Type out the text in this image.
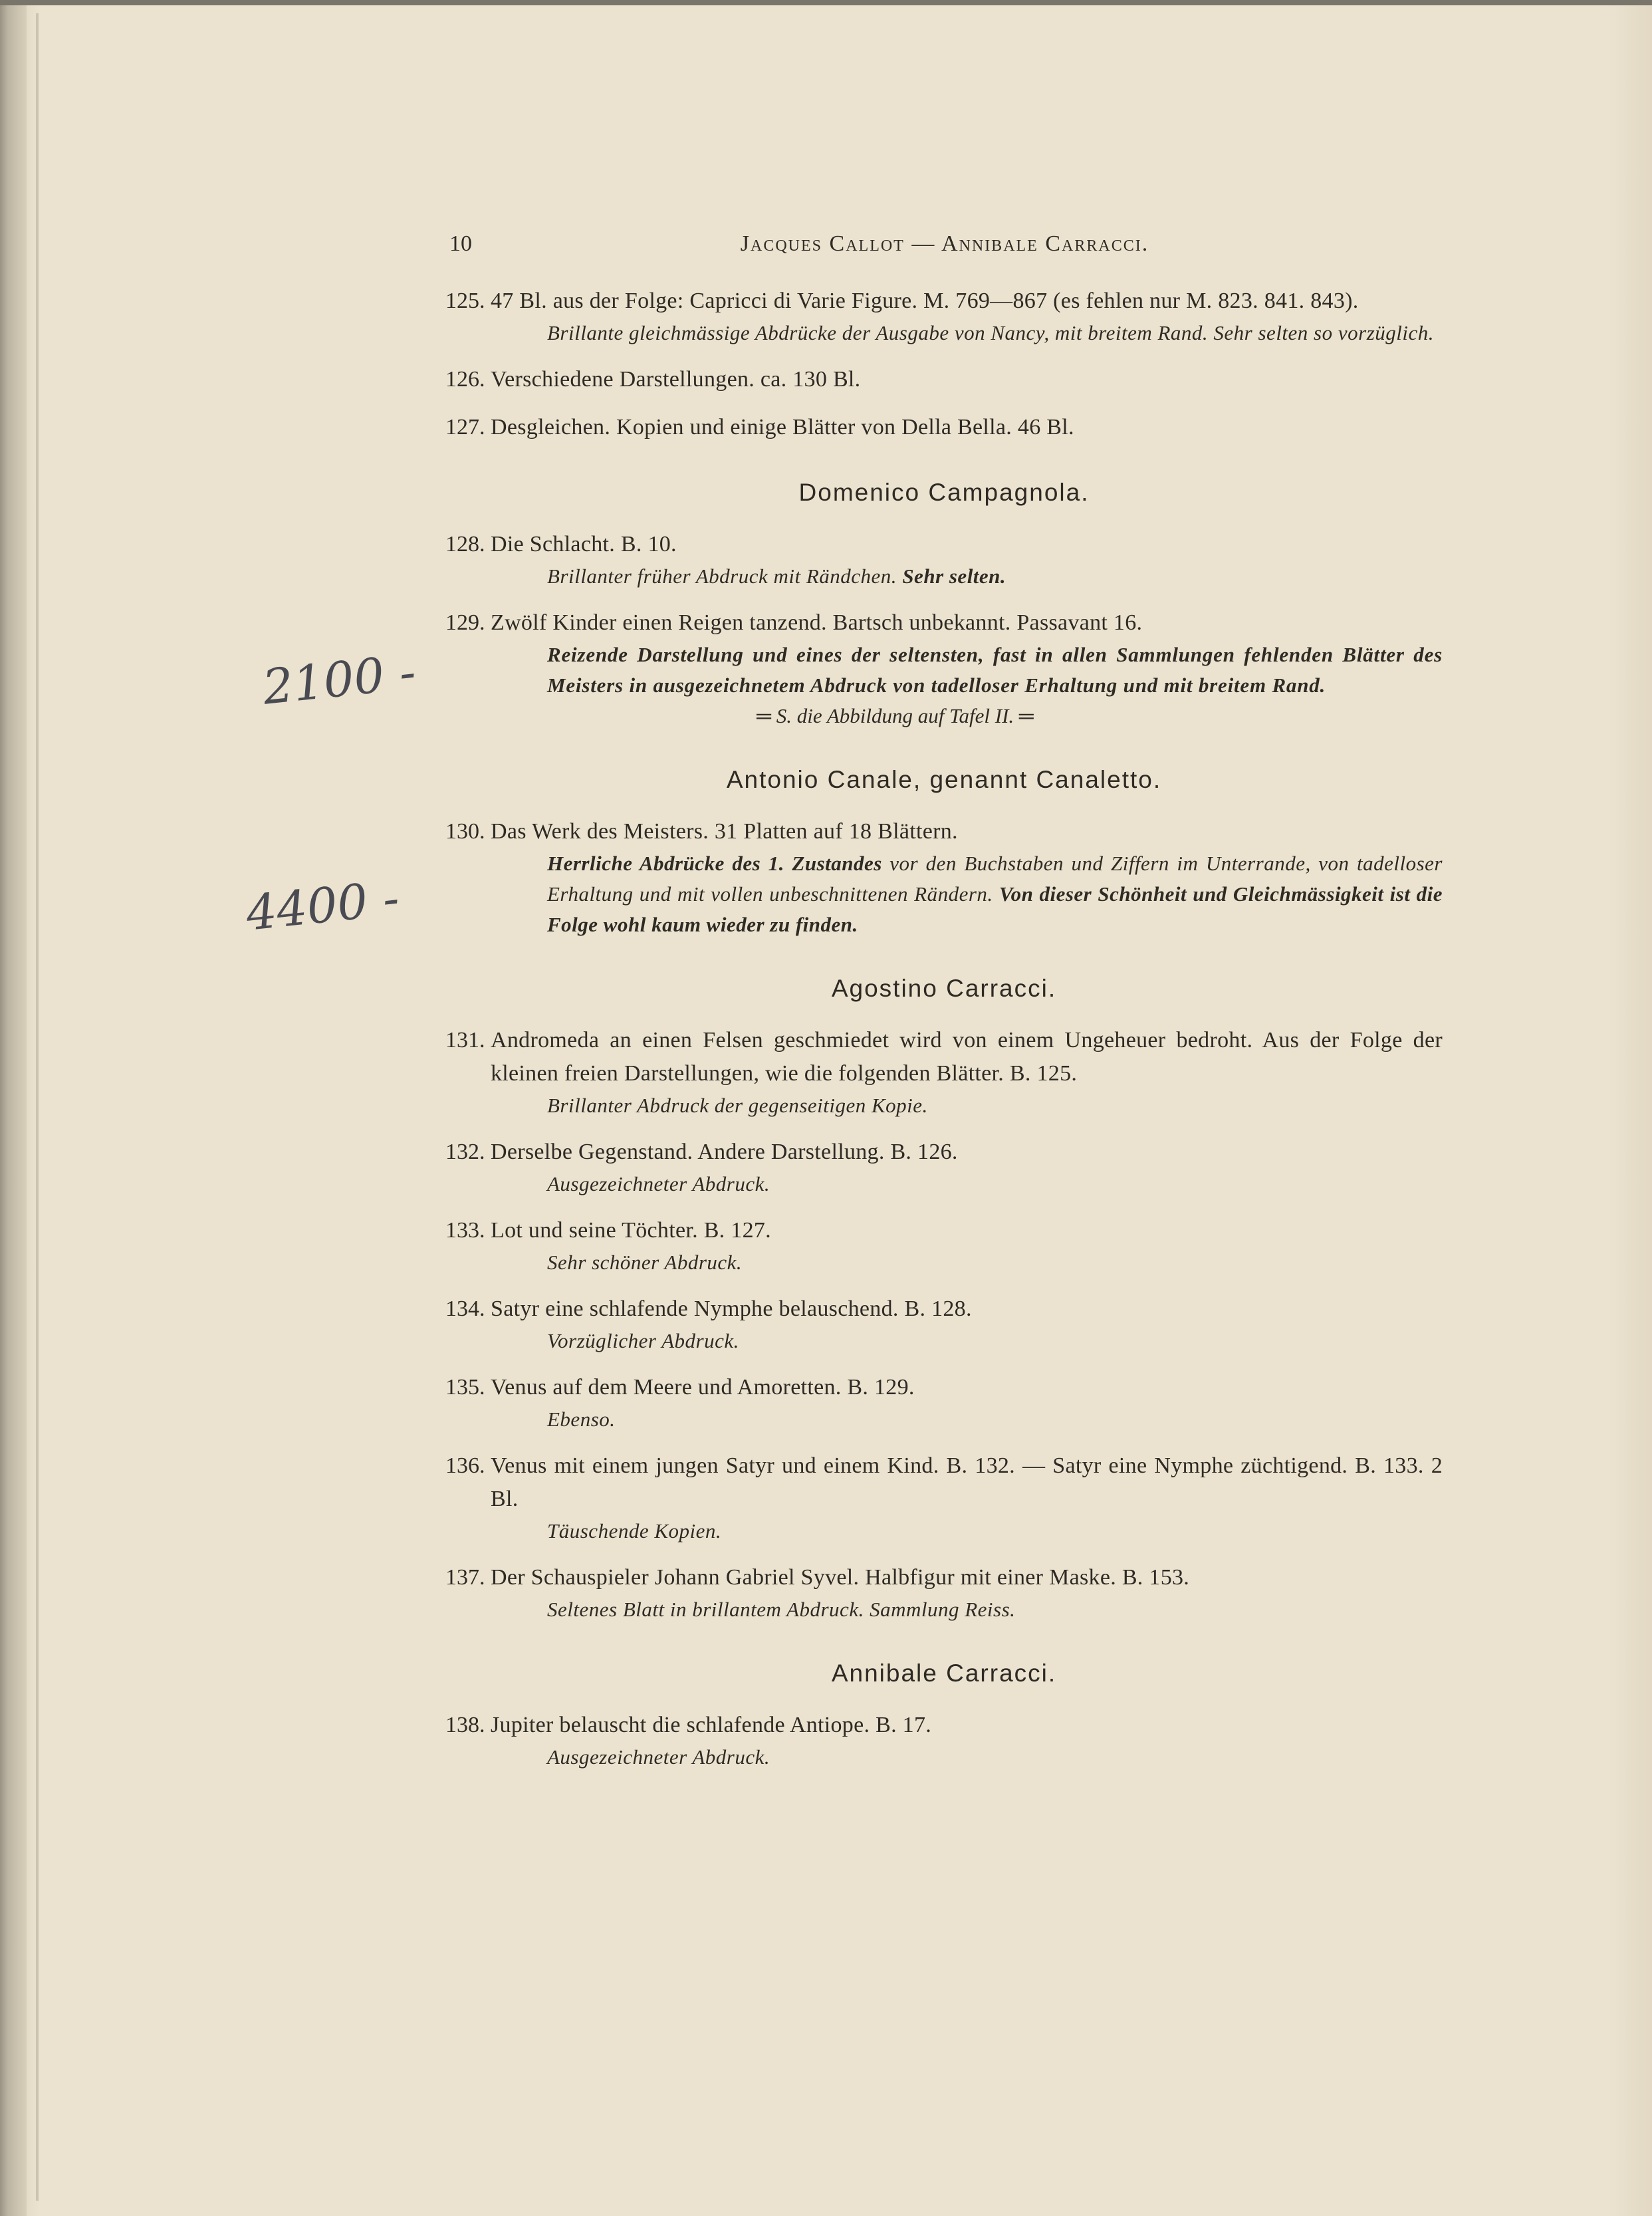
10	Jacques Callot — Annibale Carracci.
2100 -
4400 -
125. 47 Bl. aus der Folge: Capricci di Varie Figure. M. 769—867 (es fehlen nur M. 823. 841. 843).
Brillante gleichmässige Abdrücke der Ausgabe von Nancy, mit breitem Rand. Sehr selten so vorzüglich.
126. Verschiedene Darstellungen. ca. 130 Bl.
127. Desgleichen. Kopien und einige Blätter von Della Bella. 46 Bl.
Domenico Campagnola.
128. Die Schlacht. B. 10.
Brillanter früher Abdruck mit Rändchen. Sehr selten.
129. Zwölf Kinder einen Reigen tanzend. Bartsch unbekannt. Passavant 16.
Reizende Darstellung und eines der seltensten, fast in allen Sammlungen fehlenden Blätter des Meisters in ausgezeichnetem Abdruck von tadelloser Erhaltung und mit breitem Rand.
═ S. die Abbildung auf Tafel II. ═
Antonio Canale, genannt Canaletto.
130. Das Werk des Meisters. 31 Platten auf 18 Blättern.
Herrliche Abdrücke des 1. Zustandes vor den Buchstaben und Ziffern im Unterrande, von tadelloser Erhaltung und mit vollen unbeschnittenen Rändern. Von dieser Schönheit und Gleichmässigkeit ist die Folge wohl kaum wieder zu finden.
Agostino Carracci.
131. Andromeda an einen Felsen geschmiedet wird von einem Ungeheuer bedroht. Aus der Folge der kleinen freien Darstellungen, wie die folgenden Blätter. B. 125.
Brillanter Abdruck der gegenseitigen Kopie.
132. Derselbe Gegenstand. Andere Darstellung. B. 126.
Ausgezeichneter Abdruck.
133. Lot und seine Töchter. B. 127.
Sehr schöner Abdruck.
134. Satyr eine schlafende Nymphe belauschend. B. 128.
Vorzüglicher Abdruck.
135. Venus auf dem Meere und Amoretten. B. 129.
Ebenso.
136. Venus mit einem jungen Satyr und einem Kind. B. 132. — Satyr eine Nymphe züchtigend. B. 133. 2 Bl.
Täuschende Kopien.
137. Der Schauspieler Johann Gabriel Syvel. Halbfigur mit einer Maske. B. 153.
Seltenes Blatt in brillantem Abdruck. Sammlung Reiss.
Annibale Carracci.
138. Jupiter belauscht die schlafende Antiope. B. 17.
Ausgezeichneter Abdruck.
